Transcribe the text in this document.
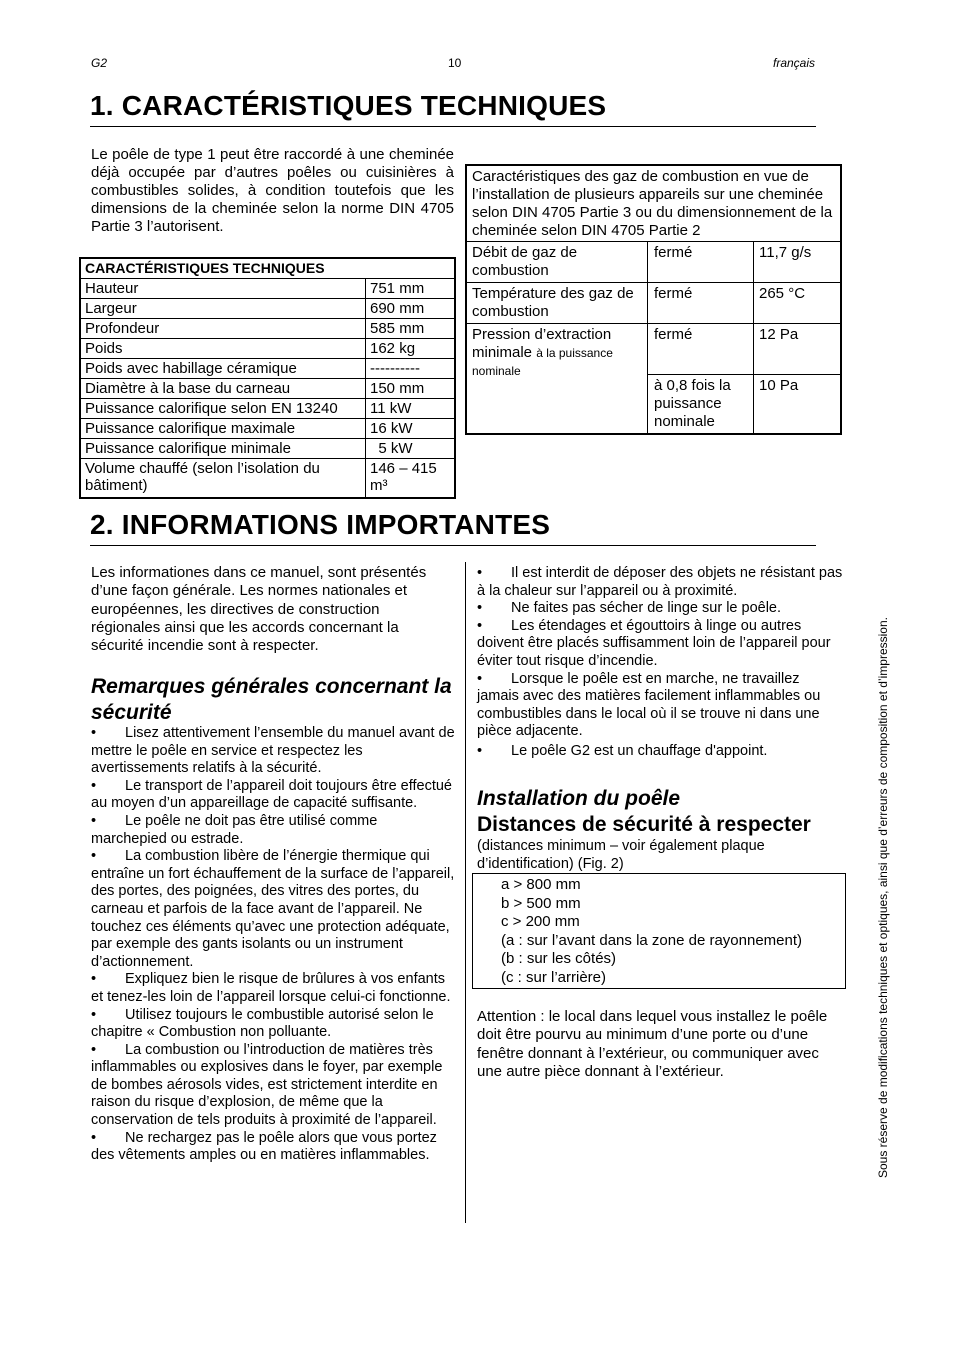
G2	10	français
1. CARACTÉRISTIQUES TECHNIQUES
Le poêle de type 1 peut être raccordé à une cheminée déjà occupée par d’autres poêles ou cuisinières à combustibles solides, à condition toutefois que les dimensions de la cheminée selon la norme DIN 4705 Partie 3 l’autorisent.
CARACTÉRISTIQUES TECHNIQUES	
Hauteur	751 mm
Largeur	690 mm
Profondeur	585 mm
Poids	162 kg
Poids avec habillage céramique	----------
Diamètre à la base du carneau	150 mm
Puissance calorifique selon EN 13240	11 kW
Puissance calorifique maximale	16 kW
Puissance calorifique minimale	5 kW
Volume chauffé (selon l’isolation du bâtiment)	146 – 415 m³
Caractéristiques des gaz de combustion en vue de l’installation de plusieurs appareils sur une cheminée selon DIN 4705 Partie 3 ou du dimensionnement de la cheminée selon DIN 4705 Partie 2		
Débit de gaz de combustion	fermé	11,7 g/s
Température des gaz de combustion	fermé	265 °C
Pression d’extraction minimale à la puissance nominale	fermé	12 Pa
	à 0,8 fois la puissance nominale	10 Pa
2. INFORMATIONS IMPORTANTES
Les informationes dans ce manuel, sont présentés d’une façon générale. Les normes nationales et européennes, les directives de construction régionales ainsi que les accords concernant la sécurité incendie sont à respecter.
Remarques générales concernant la sécurité

• Lisez attentivement l’ensemble du manuel avant de mettre le poêle en service et respectez les avertissements relatifs à la sécurité.

• Le transport de l’appareil doit toujours être effectué au moyen d’un appareillage de capacité suffisante.

• Le poêle ne doit pas être utilisé comme marchepied ou estrade.

• La combustion libère de l’énergie thermique qui entraîne un fort échauffement de la surface de l’appareil, des portes, des poignées, des vitres des portes, du carneau et parfois de la face avant de l’appareil. Ne touchez ces éléments qu’avec une protection adéquate, par exemple des gants isolants ou un instrument d’actionnement.

• Expliquez bien le risque de brûlures à vos enfants et tenez-les loin de l’appareil lorsque celui-ci fonctionne.

• Utilisez toujours le combustible autorisé selon le chapitre « Combustion non polluante.

• La combustion ou l’introduction de matières très inflammables ou explosives dans le foyer, par exemple de bombes aérosols vides, est strictement interdite en raison du risque d’explosion, de même que la conservation de tels produits à proximité de l’appareil.

• Ne rechargez pas le poêle alors que vous portez des vêtements amples ou en matières inflammables.

• Il est interdit de déposer des objets ne résistant pas à la chaleur sur l’appareil ou à proximité.

• Ne faites pas sécher de linge sur le poêle.

• Les étendages et égouttoirs à linge ou autres doivent être placés suffisamment loin de l’appareil pour éviter tout risque d’incendie.

• Lorsque le poêle est en marche, ne travaillez jamais avec des matières facilement inflammables ou combustibles dans le local où il se trouve ni dans une pièce adjacente.

• Le poêle G2 est un chauffage d'appoint.

Installation du poêle
Distances de sécurité à respecter
(distances minimum – voir également plaque d’identification) (Fig. 2)
a > 800 mm
b > 500 mm
c > 200 mm
(a : sur l’avant dans la zone de rayonnement)
(b : sur les côtés)
(c : sur l’arrière)
Attention : le local dans lequel vous installez le poêle doit être pourvu au minimum d’une porte ou d’une fenêtre donnant à l’extérieur, ou communiquer avec une autre pièce donnant à l’extérieur.	Sous réserve de modifications techniques et optiques, ainsi que d’erreurs de composition et d’impression.
